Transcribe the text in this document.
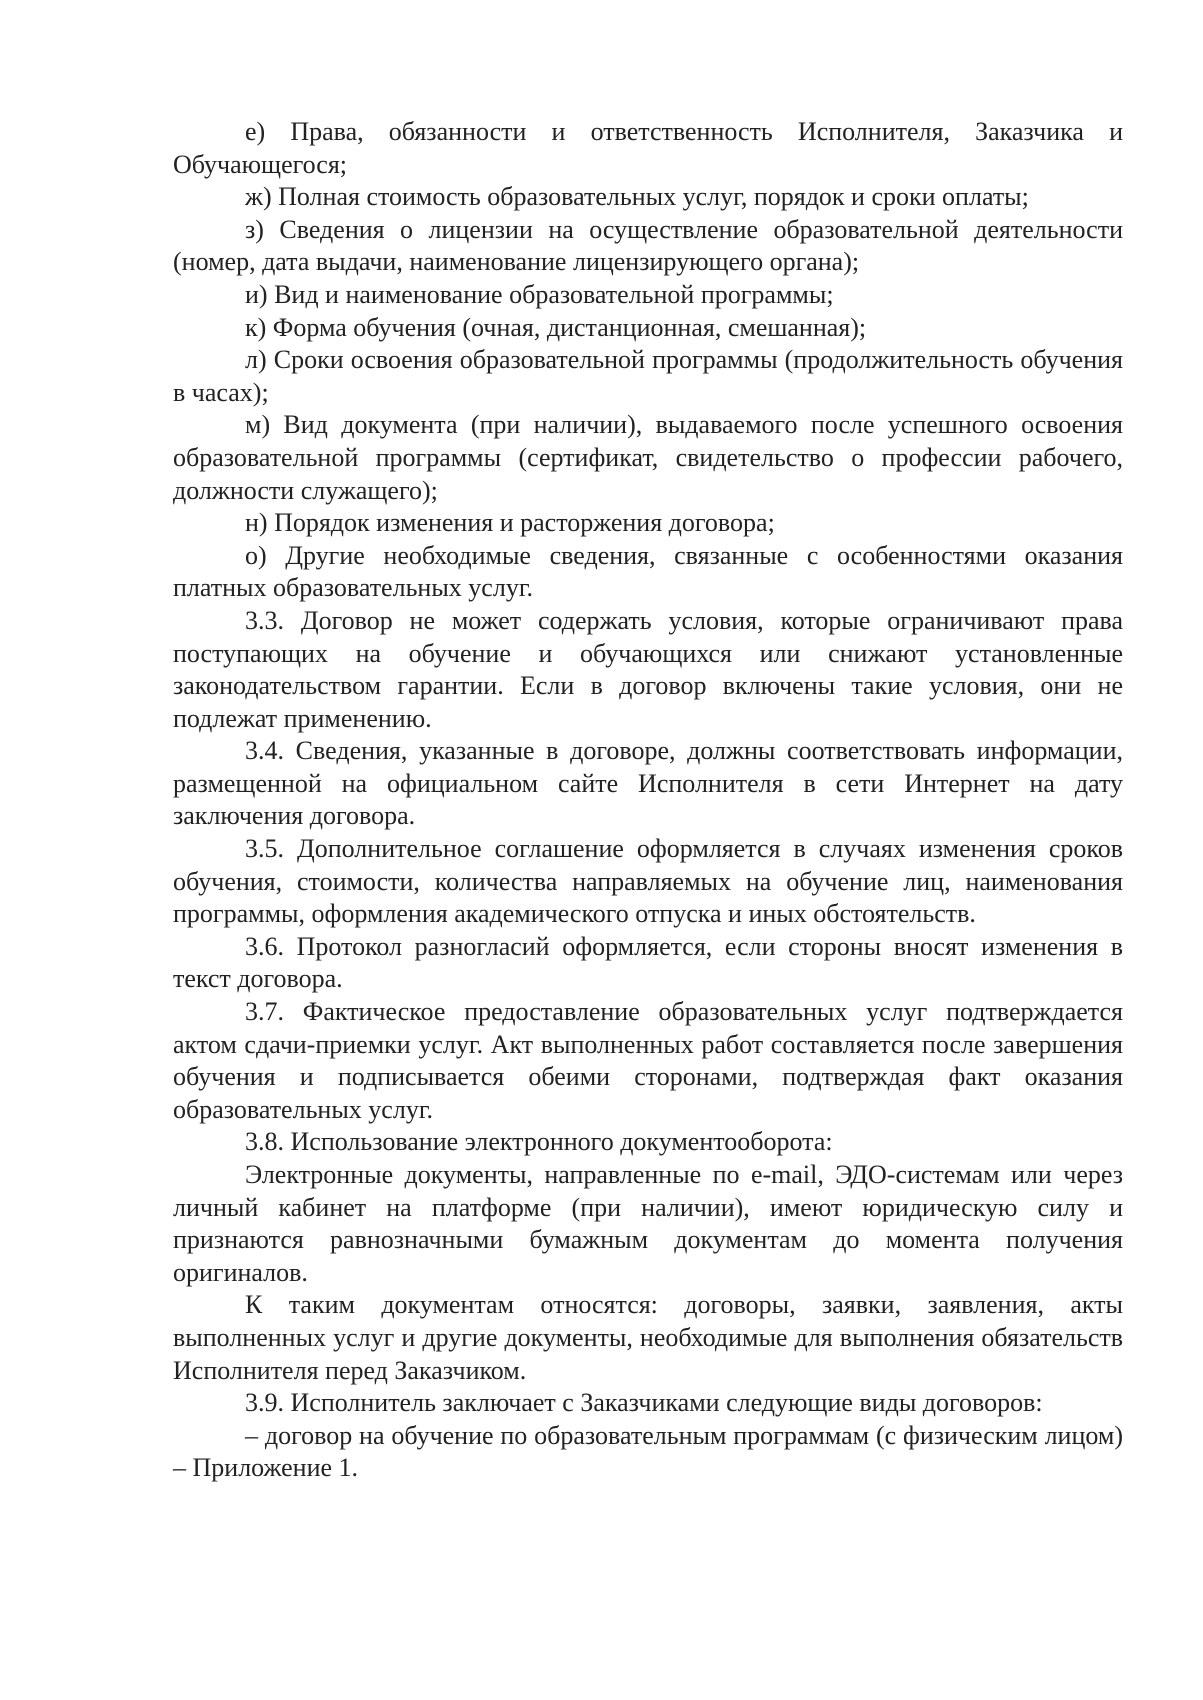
е) Права, обязанности и ответственность Исполнителя, Заказчика и Обучающегося;

ж) Полная стоимость образовательных услуг, порядок и сроки оплаты;

з) Сведения о лицензии на осуществление образовательной деятельности (номер, дата выдачи, наименование лицензирующего органа);

и) Вид и наименование образовательной программы;

к) Форма обучения (очная, дистанционная, смешанная);

л) Сроки освоения образовательной программы (продолжительность обучения в часах);

м) Вид документа (при наличии), выдаваемого после успешного освоения образовательной программы (сертификат, свидетельство о профессии рабочего, должности служащего);

н) Порядок изменения и расторжения договора;

о) Другие необходимые сведения, связанные с особенностями оказания платных образовательных услуг.

3.3. Договор не может содержать условия, которые ограничивают права поступающих на обучение и обучающихся или снижают установленные законодательством гарантии. Если в договор включены такие условия, они не подлежат применению.

3.4. Сведения, указанные в договоре, должны соответствовать информации, размещенной на официальном сайте Исполнителя в сети Интернет на дату заключения договора.

3.5. Дополнительное соглашение оформляется в случаях изменения сроков обучения, стоимости, количества направляемых на обучение лиц, наименования программы, оформления академического отпуска и иных обстоятельств.

3.6. Протокол разногласий оформляется, если стороны вносят изменения в текст договора.

3.7. Фактическое предоставление образовательных услуг подтверждается актом сдачи-приемки услуг. Акт выполненных работ составляется после завершения обучения и подписывается обеими сторонами, подтверждая факт оказания образовательных услуг.

3.8. Использование электронного документооборота:

Электронные документы, направленные по e-mail, ЭДО-системам или через личный кабинет на платформе (при наличии), имеют юридическую силу и признаются равнозначными бумажным документам до момента получения оригиналов.

К таким документам относятся: договоры, заявки, заявления, акты выполненных услуг и другие документы, необходимые для выполнения обязательств Исполнителя перед Заказчиком.

3.9. Исполнитель заключает с Заказчиками следующие виды договоров:

– договор на обучение по образовательным программам (с физическим лицом) – Приложение 1.
